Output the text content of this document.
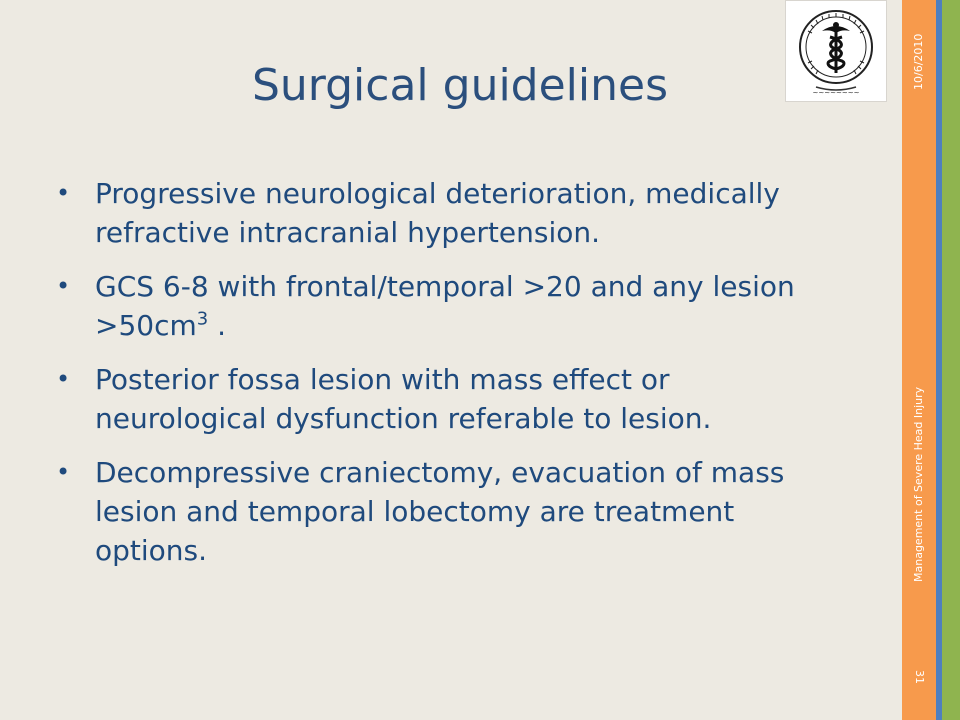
Surgical guidelines	~~~~~~~~
• Progressive neurological deterioration, medically refractive intracranial hypertension.
• GCS 6-8 with frontal/temporal >20 and any lesion $>50cm^3$ .
• Posterior fossa lesion with mass effect or neurological dysfunction referable to lesion.
• Decompressive craniectomy, evacuation of mass lesion and temporal lobectomy are treatment options.
10/6/2010
Management of Severe Head Injury
31
